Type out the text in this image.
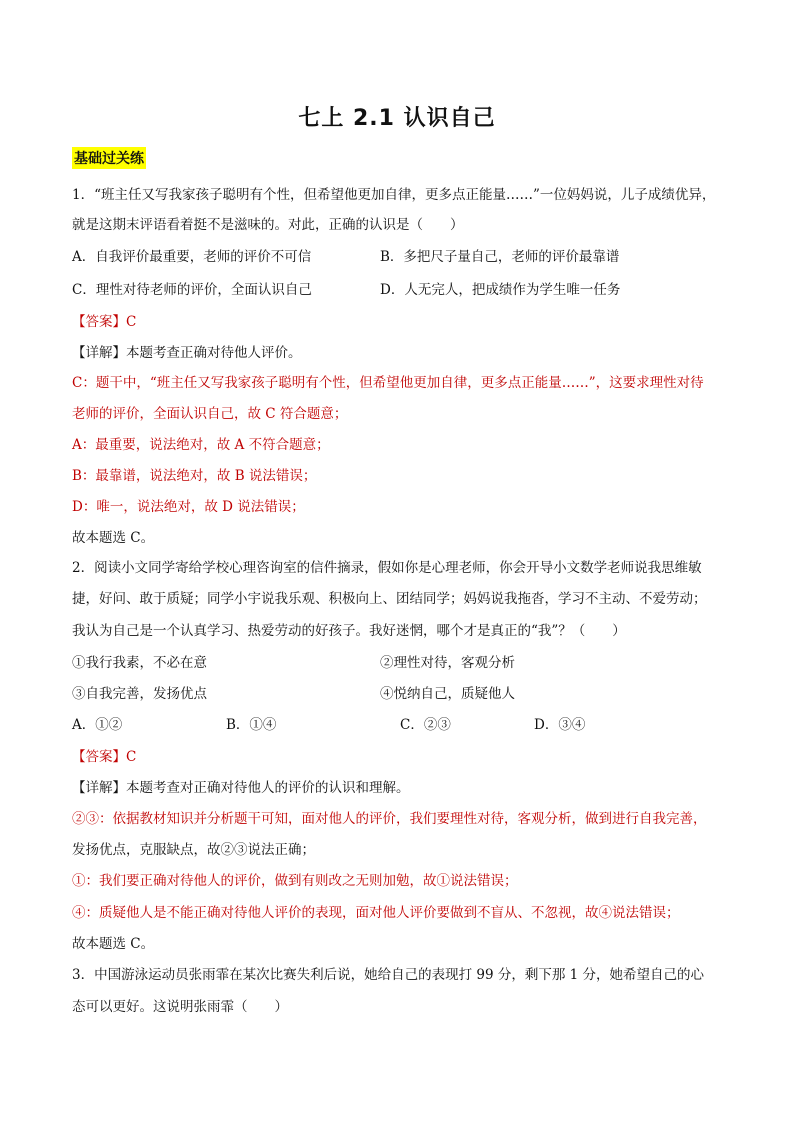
七上 2.1 认识自己
基础过关练
1．“班主任又写我家孩子聪明有个性，但希望他更加自律，更多点正能量……”一位妈妈说，儿子成绩优异，
就是这期末评语看着挺不是滋味的。对此，正确的认识是（　　）
A．自我评价最重要，老师的评价不可信	B．多把尺子量自己，老师的评价最靠谱
C．理性对待老师的评价，全面认识自己	D．人无完人，把成绩作为学生唯一任务
【答案】C
【详解】本题考查正确对待他人评价。
C：题干中，“班主任又写我家孩子聪明有个性，但希望他更加自律，更多点正能量……”，这要求理性对待
老师的评价，全面认识自己，故 C 符合题意；
A：最重要，说法绝对，故 A 不符合题意；
B：最靠谱，说法绝对，故 B 说法错误；
D：唯一，说法绝对，故 D 说法错误；
故本题选 C。
2．阅读小文同学寄给学校心理咨询室的信件摘录，假如你是心理老师，你会开导小文数学老师说我思维敏
捷，好问、敢于质疑；同学小宇说我乐观、积极向上、团结同学；妈妈说我拖沓，学习不主动、不爱劳动；
我认为自己是一个认真学习、热爱劳动的好孩子。我好迷惘，哪个才是真正的“我”？（　　）
①我行我素，不必在意	②理性对待，客观分析
③自我完善，发扬优点	④悦纳自己，质疑他人
A．①②	B．①④	C．②③	D．③④
【答案】C
【详解】本题考查对正确对待他人的评价的认识和理解。
②③：依据教材知识并分析题干可知，面对他人的评价，我们要理性对待，客观分析，做到进行自我完善，
发扬优点，克服缺点，故②③说法正确；
①：我们要正确对待他人的评价，做到有则改之无则加勉，故①说法错误；
④：质疑他人是不能正确对待他人评价的表现，面对他人评价要做到不盲从、不忽视，故④说法错误；
故本题选 C。
3．中国游泳运动员张雨霏在某次比赛失利后说，她给自己的表现打 99 分，剩下那 1 分，她希望自己的心
态可以更好。这说明张雨霏（　　）
